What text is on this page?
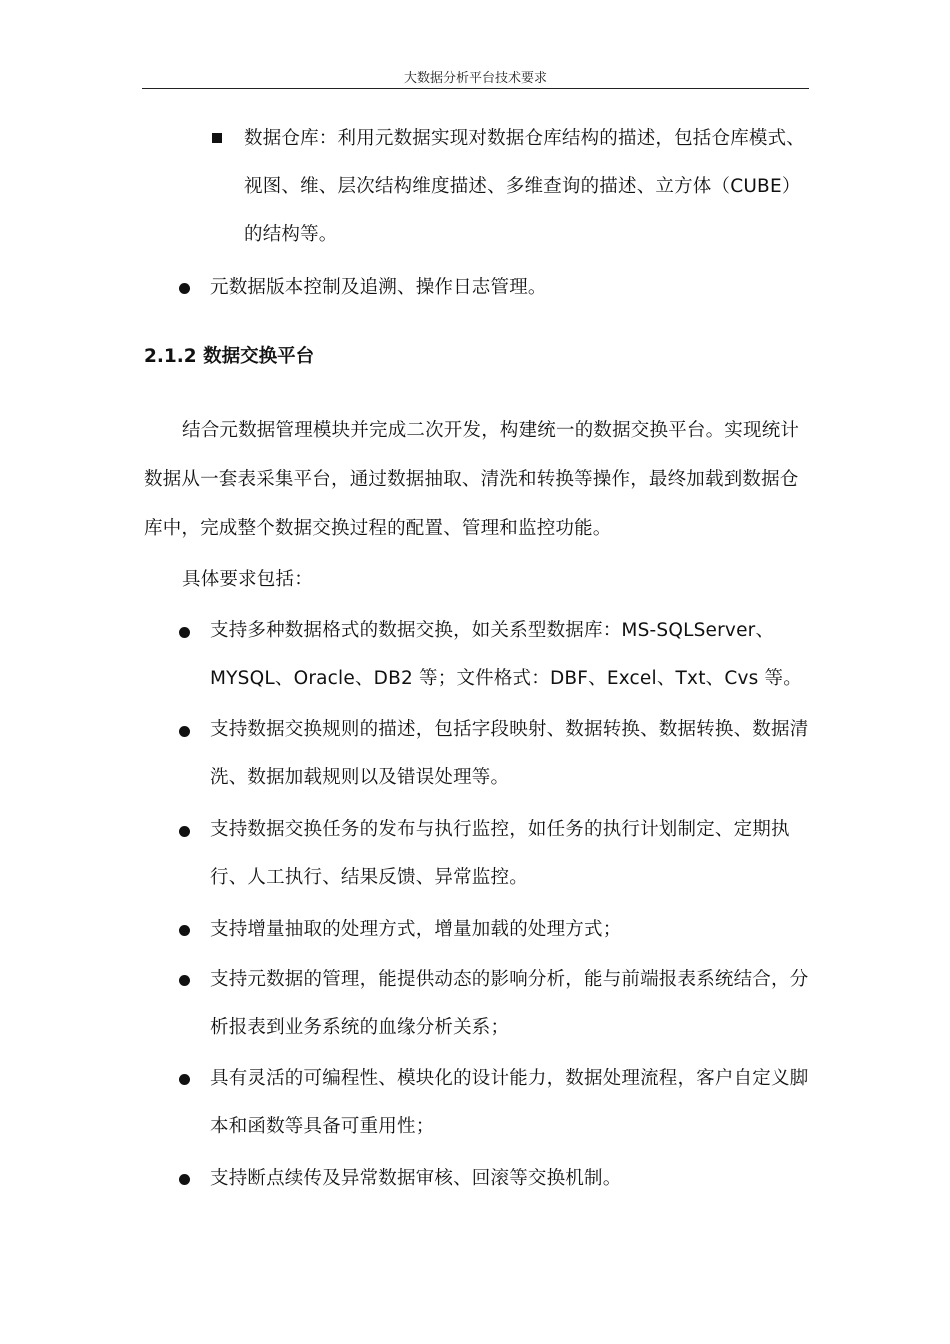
大数据分析平台技术要求
数据仓库：利用元数据实现对数据仓库结构的描述，包括仓库模式、视图、维、层次结构维度描述、多维查询的描述、立方体（CUBE）的结构等。
元数据版本控制及追溯、操作日志管理。
2.1.2 数据交换平台
结合元数据管理模块并完成二次开发，构建统一的数据交换平台。实现统计数据从一套表采集平台，通过数据抽取、清洗和转换等操作，最终加载到数据仓库中，完成整个数据交换过程的配置、管理和监控功能。
具体要求包括：
支持多种数据格式的数据交换，如关系型数据库：MS-SQLServer、MYSQL、Oracle、DB2 等；文件格式：DBF、Excel、Txt、Cvs 等。
支持数据交换规则的描述，包括字段映射、数据转换、数据转换、数据清洗、数据加载规则以及错误处理等。
支持数据交换任务的发布与执行监控，如任务的执行计划制定、定期执行、人工执行、结果反馈、异常监控。
支持增量抽取的处理方式，增量加载的处理方式；
支持元数据的管理，能提供动态的影响分析，能与前端报表系统结合，分析报表到业务系统的血缘分析关系；
具有灵活的可编程性、模块化的设计能力，数据处理流程，客户自定义脚本和函数等具备可重用性；
支持断点续传及异常数据审核、回滚等交换机制。
